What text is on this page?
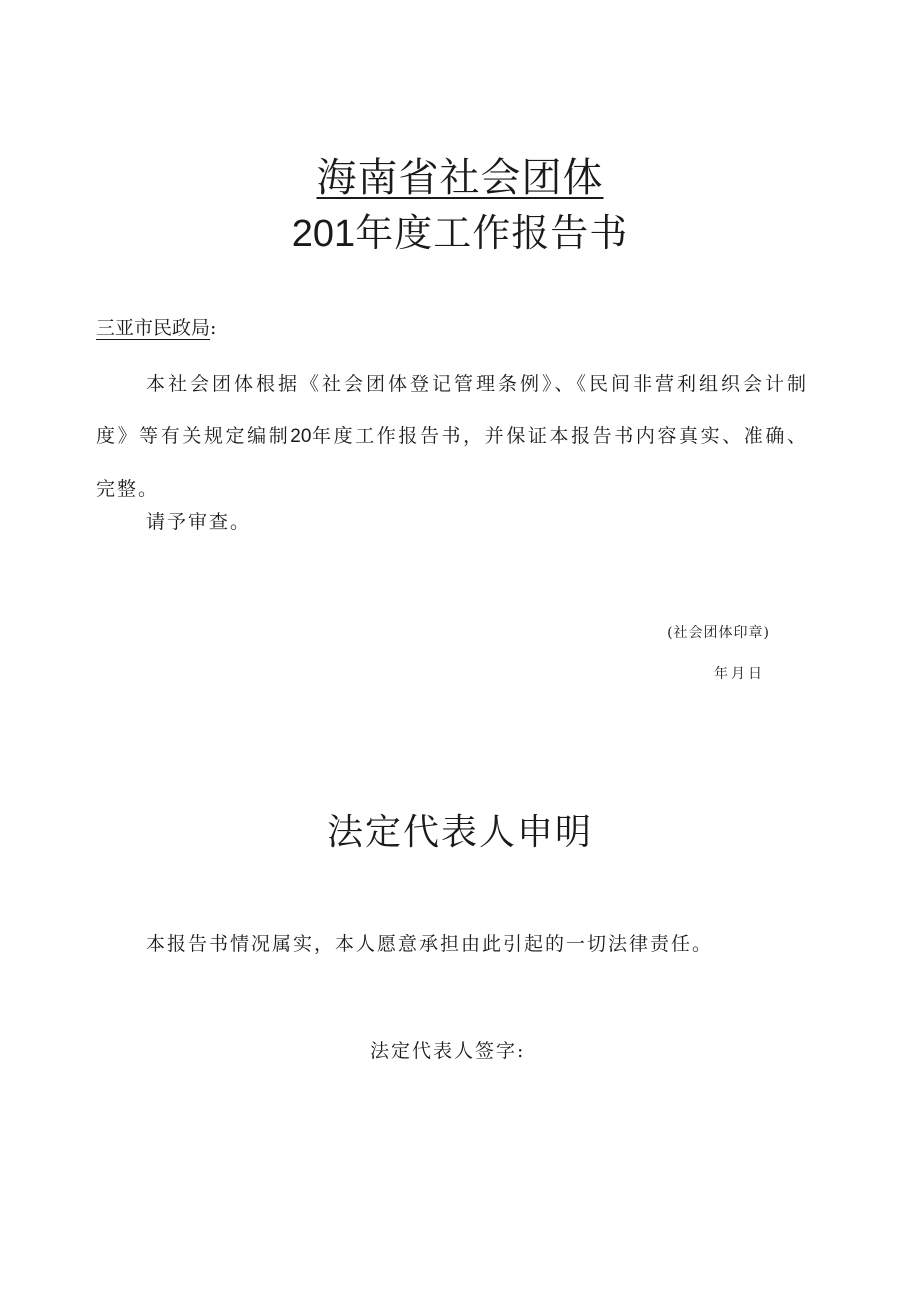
海南省社会团体
201年度工作报告书
三亚市民政局:
本社会团体根据《社会团体登记管理条例》、《民间非营利组织会计制度》等有关规定编制20年度工作报告书，并保证本报告书内容真实、准确、完整。
请予审查。
(社会团体印章)
年月日
法定代表人申明
本报告书情况属实，本人愿意承担由此引起的一切法律责任。
法定代表人签字:
